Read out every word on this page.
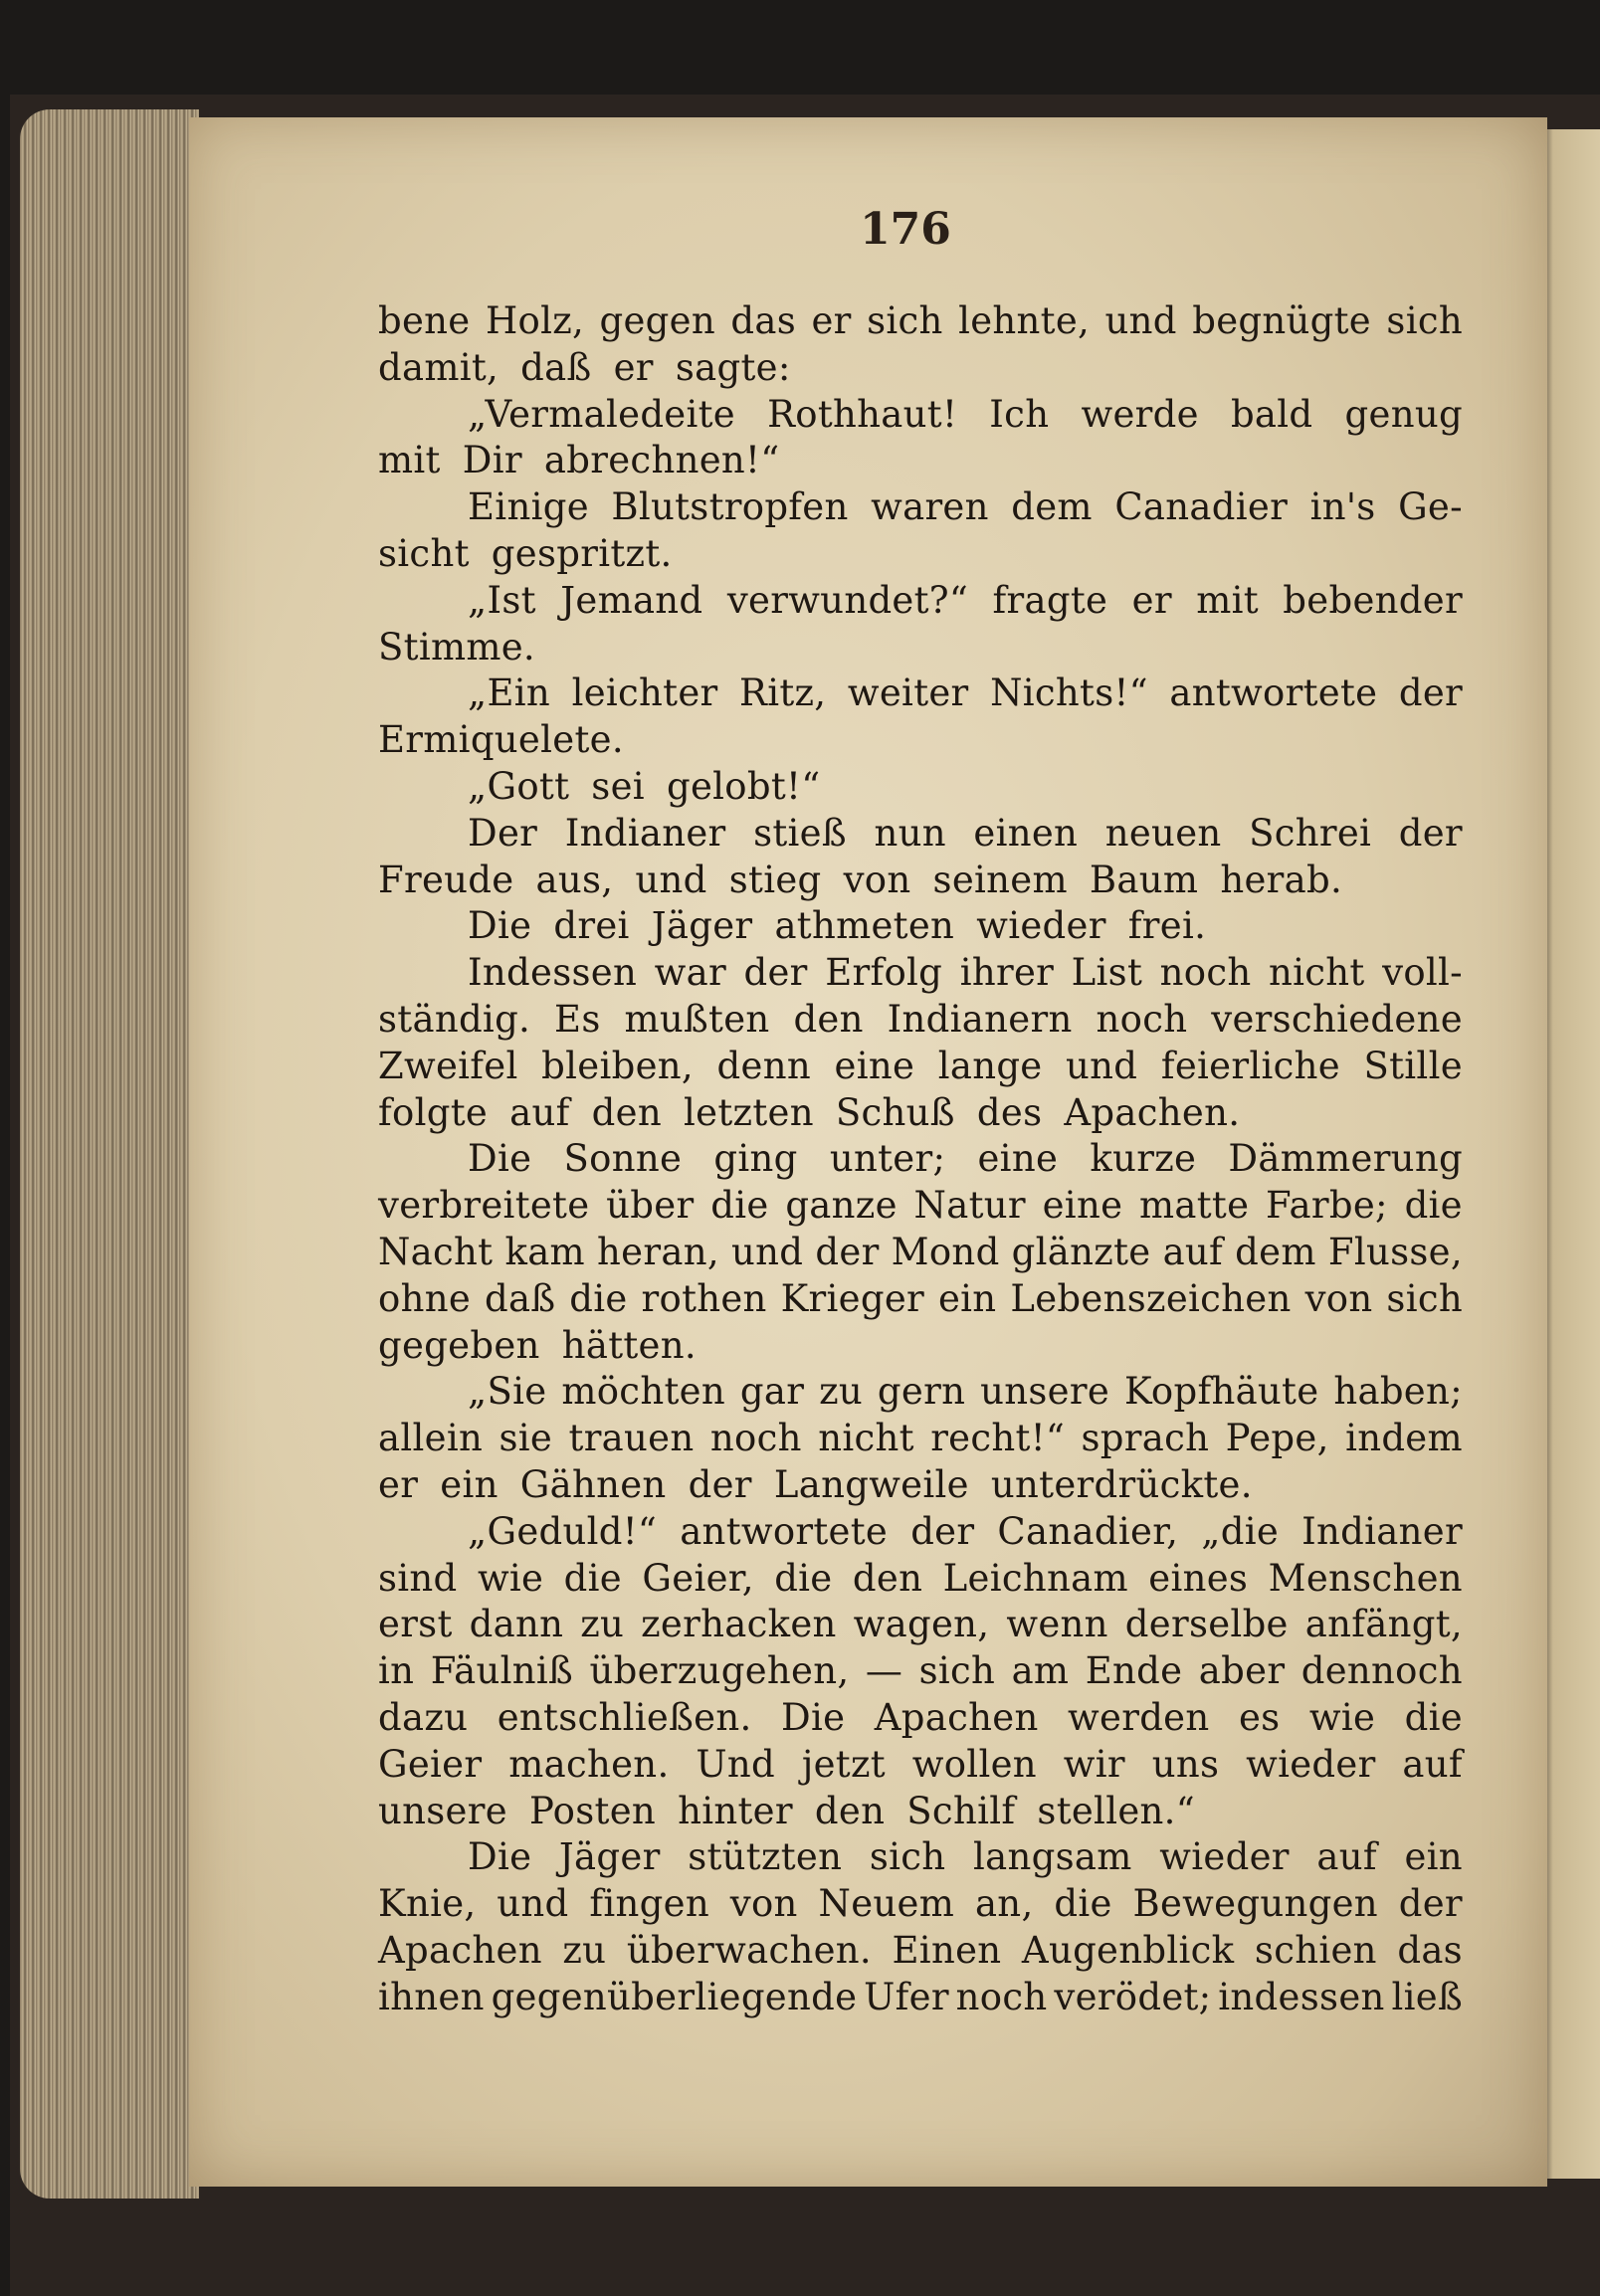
176
bene Holz, gegen das er sich lehnte, und begnügte sich
damit, daß er sagte:
„Vermaledeite Rothhaut! Ich werde bald genug
mit Dir abrechnen!“
Einige Blutstropfen waren dem Canadier in's Ge-
sicht gespritzt.
„Ist Jemand verwundet?“ fragte er mit bebender
Stimme.
„Ein leichter Ritz, weiter Nichts!“ antwortete der
Ermiquelete.
„Gott sei gelobt!“
Der Indianer stieß nun einen neuen Schrei der
Freude aus, und stieg von seinem Baum herab.
Die drei Jäger athmeten wieder frei.
Indessen war der Erfolg ihrer List noch nicht voll-
ständig. Es mußten den Indianern noch verschiedene
Zweifel bleiben, denn eine lange und feierliche Stille
folgte auf den letzten Schuß des Apachen.
Die Sonne ging unter; eine kurze Dämmerung
verbreitete über die ganze Natur eine matte Farbe; die
Nacht kam heran, und der Mond glänzte auf dem Flusse,
ohne daß die rothen Krieger ein Lebenszeichen von sich
gegeben hätten.
„Sie möchten gar zu gern unsere Kopfhäute haben;
allein sie trauen noch nicht recht!“ sprach Pepe, indem
er ein Gähnen der Langweile unterdrückte.
„Geduld!“ antwortete der Canadier, „die Indianer
sind wie die Geier, die den Leichnam eines Menschen
erst dann zu zerhacken wagen, wenn derselbe anfängt,
in Fäulniß überzugehen, — sich am Ende aber dennoch
dazu entschließen. Die Apachen werden es wie die
Geier machen. Und jetzt wollen wir uns wieder auf
unsere Posten hinter den Schilf stellen.“
Die Jäger stützten sich langsam wieder auf ein
Knie, und fingen von Neuem an, die Bewegungen der
Apachen zu überwachen. Einen Augenblick schien das
ihnen gegenüberliegende Ufer noch verödet; indessen ließ
